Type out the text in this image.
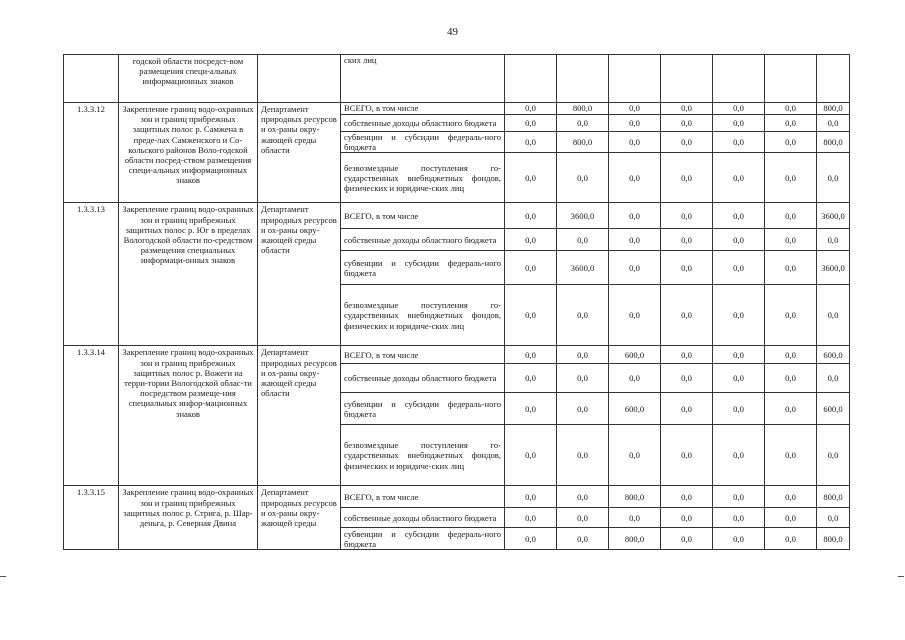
49
	годской области посредст-вом размещения специ-альных информационных знаков		ских лиц							
1.3.3.12	Закрепление границ водо-охранных зон и границ прибрежных защитных полос р. Самжена в преде-лах Самженского и Со-кольского районов Воло-годской области посред-ством размещения специ-альных информационных знаков	Департамент природных ресурсов и ох-раны окру-жающей среды области	ВСЕГО, в том числе	0,0	800,0	0,0	0,0	0,0	0,0	800,0
			собственные доходы областного бюджета	0,0	0,0	0,0	0,0	0,0	0,0	0,0
			субвенции и субсидии федераль-ного бюджета	0,0	800,0	0,0	0,0	0,0	0,0	800,0
			безвозмездные поступления го-сударственных внебюджетных фондов, физических и юридиче-ских лиц	0,0	0,0	0,0	0,0	0,0	0,0	0,0
1.3.3.13	Закрепление границ водо-охранных зон и границ прибрежных защитных полос р. Юг в пределах Вологодской области по-средством размещения специальных информаци-онных знаков	Департамент природных ресурсов и ох-раны окру-жающей среды области	ВСЕГО, в том числе	0,0	3600,0	0,0	0,0	0,0	0,0	3600,0
			собственные доходы областного бюджета	0,0	0,0	0,0	0,0	0,0	0,0	0,0
			субвенции и субсидии федераль-ного бюджета	0,0	3600,0	0,0	0,0	0,0	0,0	3600,0
			безвозмездные поступления го-сударственных внебюджетных фондов, физических и юридиче-ских лиц	0,0	0,0	0,0	0,0	0,0	0,0	0,0
1.3.3.14	Закрепление границ водо-охранных зон и границ прибрежных защитных полос р. Вожеги на терри-тории Вологодской облас-ти посредством размеще-ния специальных инфор-мационных знаков	Департамент природных ресурсов и ох-раны окру-жающей среды области	ВСЕГО, в том числе	0,0	0,0	600,0	0,0	0,0	0,0	600,0
			собственные доходы областного бюджета	0,0	0,0	0,0	0,0	0,0	0,0	0,0
			субвенции и субсидии федераль-ного бюджета	0,0	0,0	600,0	0,0	0,0	0,0	600,0
			безвозмездные поступления го-сударственных внебюджетных фондов, физических и юридиче-ских лиц	0,0	0,0	0,0	0,0	0,0	0,0	0,0
1.3.3.15	Закрепление границ водо-охранных зон и границ прибрежных защитных полос р. Стрига, р. Шар-деньга, р. Северная Двина	Департамент природных ресурсов и ох-раны окру-жающей среды	ВСЕГО, в том числе	0,0	0,0	800,0	0,0	0,0	0,0	800,0
			собственные доходы областного бюджета	0,0	0,0	0,0	0,0	0,0	0,0	0,0
			субвенции и субсидии федераль-ного бюджета	0,0	0,0	800,0	0,0	0,0	0,0	800,0
